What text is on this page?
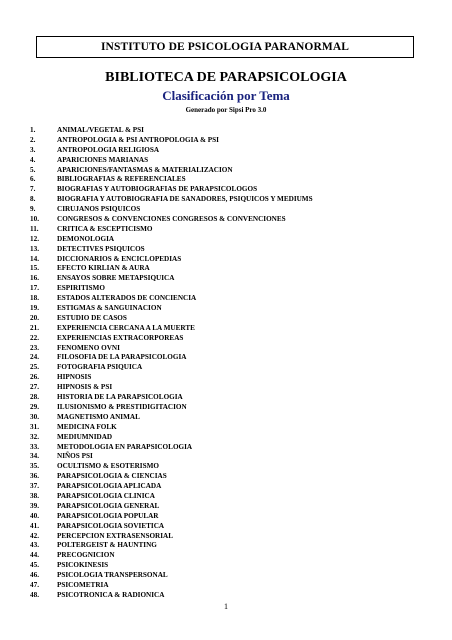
INSTITUTO DE PSICOLOGIA PARANORMAL
BIBLIOTECA DE PARAPSICOLOGIA
Clasificación por Tema
Generado por Sipsi Pro 3.0
1.	ANIMAL/VEGETAL & PSI
2.	ANTROPOLOGIA & PSI ANTROPOLOGIA & PSI
3.	ANTROPOLOGIA RELIGIOSA
4.	APARICIONES MARIANAS
5.	APARICIONES/FANTASMAS & MATERIALIZACION
6.	BIBLIOGRAFIAS & REFERENCIALES
7.	BIOGRAFIAS Y AUTOBIOGRAFIAS DE PARAPSICOLOGOS
8.	BIOGRAFIA Y AUTOBIOGRAFIA DE SANADORES, PSIQUICOS Y MEDIUMS
9.	CIRUJANOS PSIQUICOS
10.	CONGRESOS & CONVENCIONES CONGRESOS & CONVENCIONES
11.	CRITICA & ESCEPTICISMO
12.	DEMONOLOGIA
13.	DETECTIVES PSIQUICOS
14.	DICCIONARIOS & ENCICLOPEDIAS
15.	EFECTO KIRLIAN & AURA
16.	ENSAYOS SOBRE METAPSIQUICA
17.	ESPIRITISMO
18.	ESTADOS ALTERADOS DE CONCIENCIA
19.	ESTIGMAS & SANGUINACION
20.	ESTUDIO DE CASOS
21.	EXPERIENCIA CERCANA A LA MUERTE
22.	EXPERIENCIAS EXTRACORPOREAS
23.	FENOMENO OVNI
24.	FILOSOFIA DE LA PARAPSICOLOGIA
25.	FOTOGRAFIA PSIQUICA
26.	HIPNOSIS
27.	HIPNOSIS & PSI
28.	HISTORIA DE LA PARAPSICOLOGIA
29.	ILUSIONISMO & PRESTIDIGITACION
30.	MAGNETISMO ANIMAL
31.	MEDICINA FOLK
32.	MEDIUMNIDAD
33.	METODOLOGIA EN PARAPSICOLOGIA
34.	NIÑOS PSI
35.	OCULTISMO & ESOTERISMO
36.	PARAPSICOLOGIA & CIENCIAS
37.	PARAPSICOLOGIA APLICADA
38.	PARAPSICOLOGIA CLINICA
39.	PARAPSICOLOGIA GENERAL
40.	PARAPSICOLOGIA POPULAR
41.	PARAPSICOLOGIA SOVIETICA
42.	PERCEPCION EXTRASENSORIAL
43.	POLTERGEIST & HAUNTING
44.	PRECOGNICION
45.	PSICOKINESIS
46.	PSICOLOGIA TRANSPERSONAL
47.	PSICOMETRIA
48.	PSICOTRONICA & RADIONICA
1
